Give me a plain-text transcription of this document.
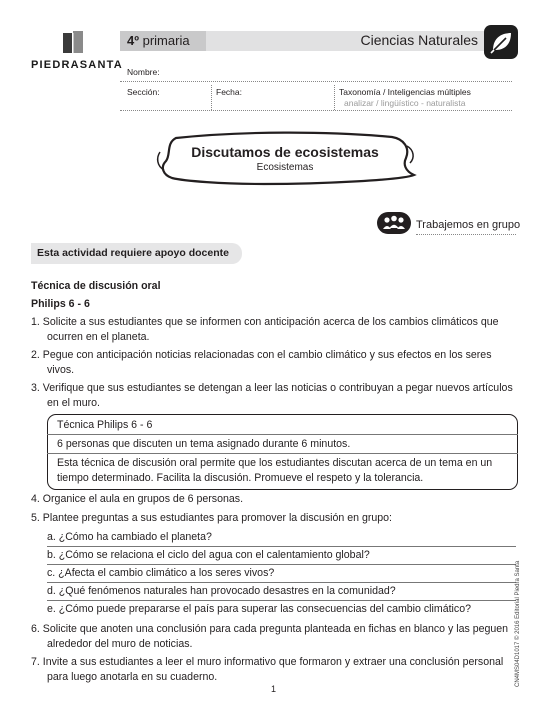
PIEDRASANTA
4º primaria	Ciencias Naturales
Nombre:
Sección:	Fecha:	Taxonomía / Inteligencias múltiples
analizar / lingüístico - naturalista
Discutamos de ecosistemas
Ecosistemas
Trabajemos en grupo
Esta actividad requiere apoyo docente
Técnica de discusión oral
Philips 6 - 6
1. Solicite a sus estudiantes que se informen con anticipación acerca de los cambios climáticos que
ocurren en el planeta.
2. Pegue con anticipación noticias relacionadas con el cambio climático y sus efectos en los seres
vivos.
3. Verifique que sus estudiantes se detengan a leer las noticias o contribuyan a pegar nuevos artículos
en el muro.
Técnica Philips 6 - 6
6 personas que discuten un tema asignado durante 6 minutos.
Esta técnica de discusión oral permite que los estudiantes discutan acerca de un tema en un
tiempo determinado. Facilita la discusión. Promueve el respeto y la tolerancia.
4. Organice el aula en grupos de 6 personas.
5. Plantee preguntas a sus estudiantes para promover la discusión en grupo:
a. ¿Cómo ha cambiado el planeta?
b. ¿Cómo se relaciona el ciclo del agua con el calentamiento global?
c. ¿Afecta el cambio climático a los seres vivos?
d. ¿Qué fenómenos naturales han provocado desastres en la comunidad?
e. ¿Cómo puede prepararse el país para superar las consecuencias del cambio climático?
6. Solicite que anoten una conclusión para cada pregunta planteada en fichas en blanco y las peguen
alrededor del muro de noticias.
7. Invite a sus estudiantes a leer el muro informativo que formaron y extraer una conclusión personal
para luego anotarla en su cuaderno.
1
CN4MS04D1017 © 2016 Editorial Piedra Santa
